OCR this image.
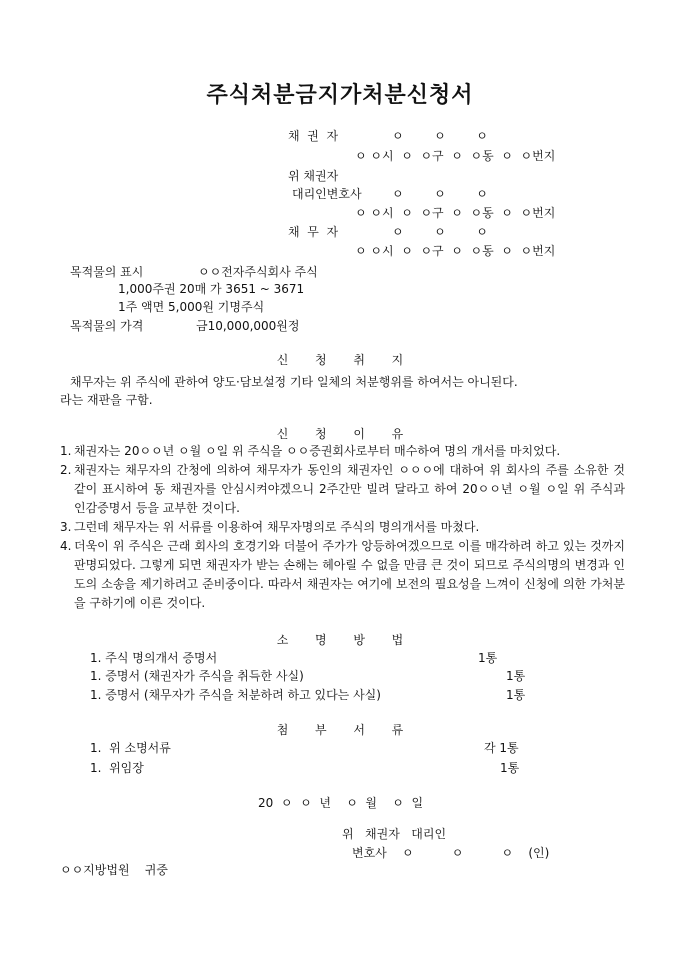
주식처분금지가처분신청서
채  권  자	ㅇ        ㅇ        ㅇ
ㅇ ㅇ시  ㅇ  ㅇ구  ㅇ  ㅇ동  ㅇ  ㅇ번지
위 채권자
대리인변호사	ㅇ        ㅇ        ㅇ
ㅇ ㅇ시  ㅇ  ㅇ구  ㅇ  ㅇ동  ㅇ  ㅇ번지
채  무  자	ㅇ        ㅇ        ㅇ
ㅇ ㅇ시  ㅇ  ㅇ구  ㅇ  ㅇ동  ㅇ  ㅇ번지
목적물의 표시	ㅇㅇ전자주식회사 주식
1,000주권 20매 가 3651 ~ 3671
1주 액면 5,000원 기명주식
목적물의 가격	금10,000,000원정
신       청       취       지
채무자는 위 주식에 관하여 양도·담보설정 기타 일체의 처분행위를 하여서는 아니된다.
라는 재판을 구함.
신       청       이       유
1. 채권자는 20ㅇㅇ년 ㅇ월 ㅇ일 위 주식을 ㅇㅇ증권회사로부터 매수하여 명의 개서를 마치었다.
2. 채권자는 채무자의 간청에 의하여 채무자가 동인의 채권자인 ㅇㅇㅇ에 대하여 위 회사의 주를 소유한 것 같이 표시하여 동 채권자를 안심시켜야겠으니 2주간만 빌려 달라고 하여 20ㅇㅇ년 ㅇ월 ㅇ일 위 주식과 인감증명서 등을 교부한 것이다.
3. 그런데 채무자는 위 서류를 이용하여 채무자명의로 주식의 명의개서를 마쳤다.
4. 더욱이 위 주식은 근래 회사의 호경기와 더불어 주가가 앙등하여겠으므로 이를 매각하려 하고 있는 것까지 판명되었다. 그렇게 되면 채권자가 받는 손해는 헤아릴 수 없을 만큼 큰 것이 되므로 주식의명의 변경과 인도의 소송을 제기하려고 준비중이다. 따라서 채권자는 여기에 보전의 필요성을 느껴이 신청에 의한 가처분을 구하기에 이른 것이다.
소       명       방       법
1. 주식 명의개서 증명서	1통
1. 증명서 (채권자가 주식을 취득한 사실)	1통
1. 증명서 (채무자가 주식을 처분하려 하고 있다는 사실)	1통
첨       부       서       류
1.  위 소명서류	각 1통
1.  위임장	1통
20  ㅇ  ㅇ  년    ㅇ  월    ㅇ  일
위   채권자   대리인
변호사    ㅇ          ㅇ          ㅇ    (인)
ㅇㅇ지방법원    귀중
